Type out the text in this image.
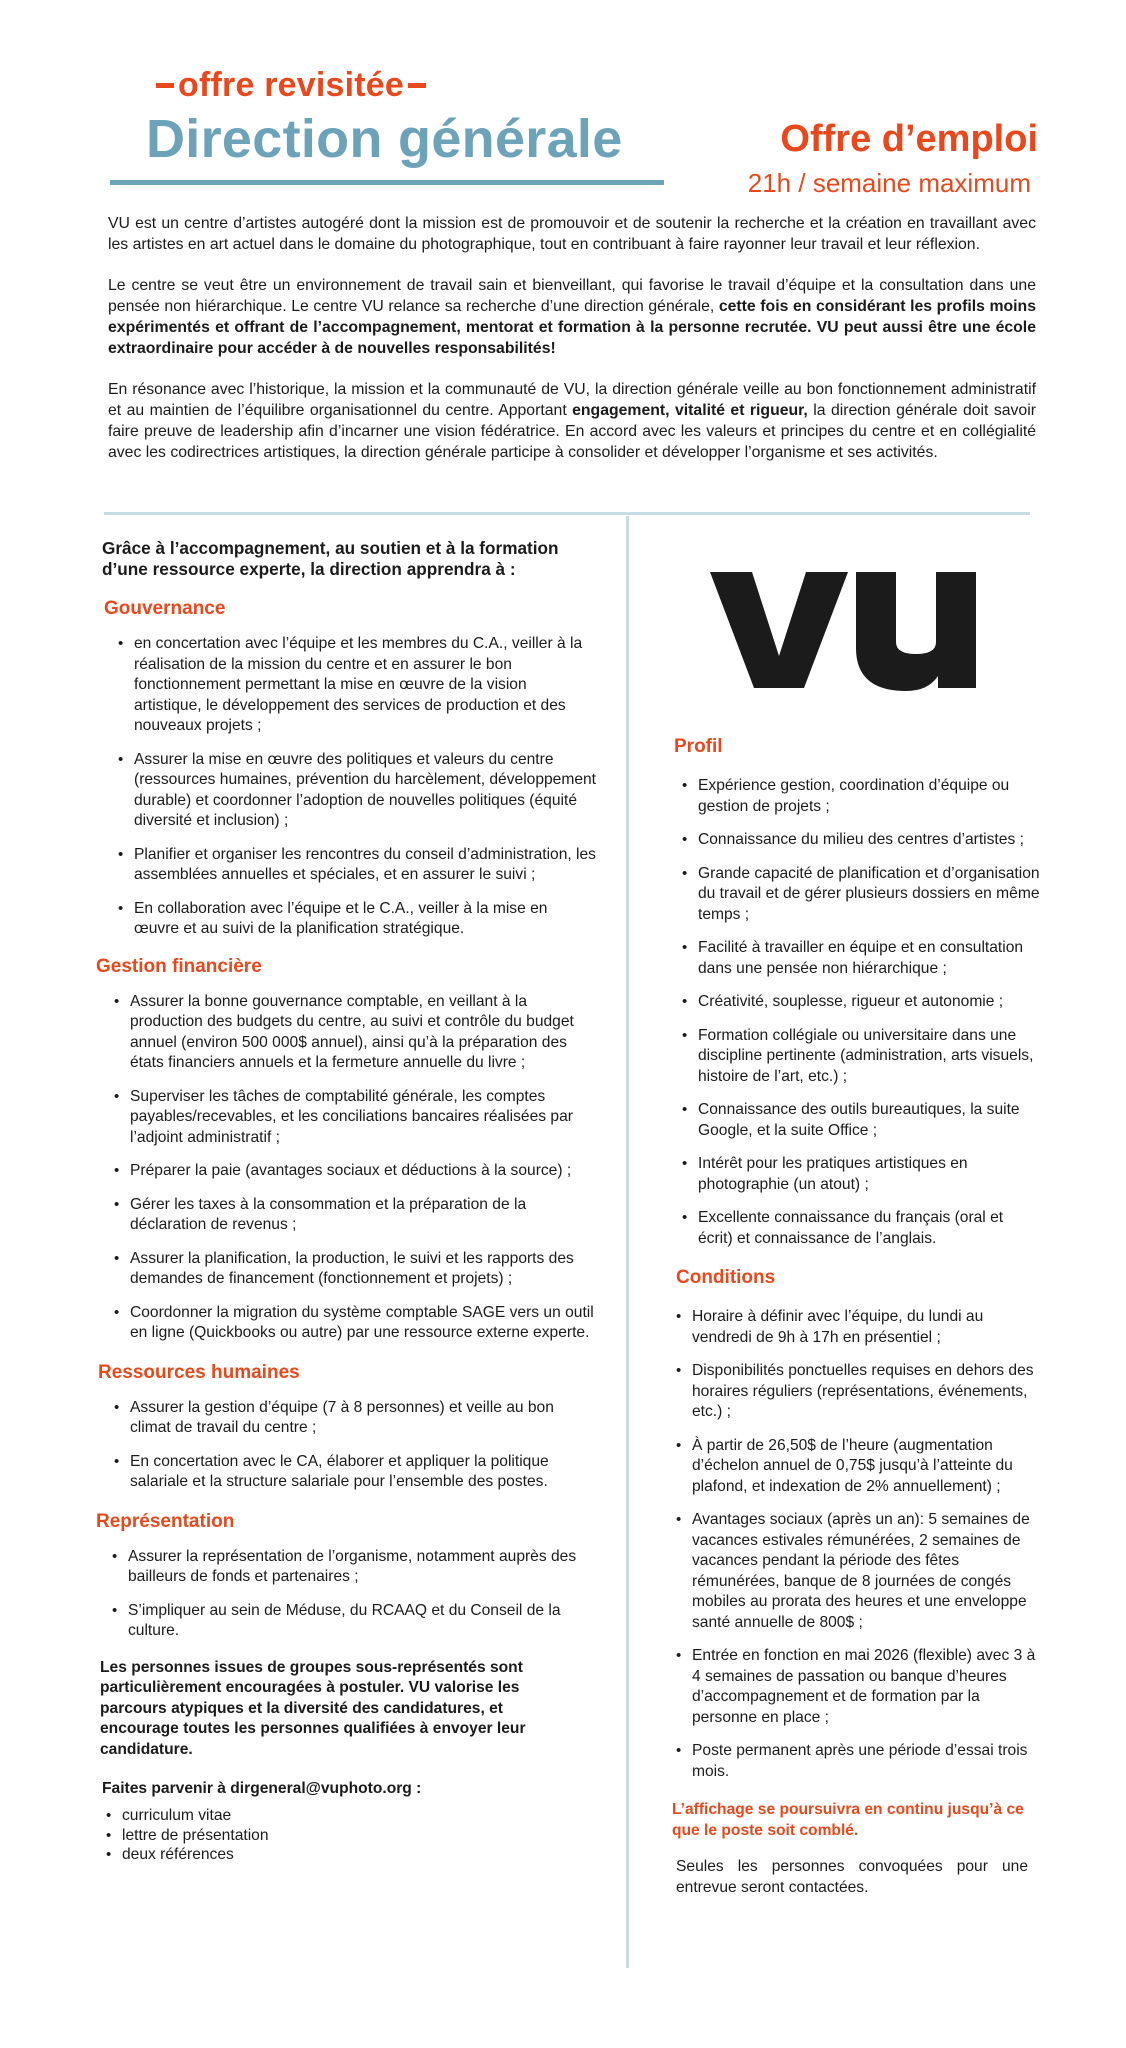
offre revisitée
Direction générale	Offre d’emploi
21h / semaine maximum

VU est un centre d’artistes autogéré dont la mission est de promouvoir et de soutenir la recherche et la création en travaillant avec les artistes en art actuel dans le domaine du photographique, tout en contribuant à faire rayonner leur travail et leur réflexion.

Le centre se veut être un environnement de travail sain et bienveillant, qui favorise le travail d’équipe et la consultation dans une pensée non hiérarchique. Le centre VU relance sa recherche d’une direction générale, cette fois en considérant les profils moins expérimentés et offrant de l’accompagnement, mentorat et formation à la personne recrutée. VU peut aussi être une école extraordinaire pour accéder à de nouvelles responsabilités!

En résonance avec l’historique, la mission et la communauté de VU, la direction générale veille au bon fonctionnement administratif et au maintien de l’équilibre organisationnel du centre. Apportant engagement, vitalité et rigueur, la direction générale doit savoir faire preuve de leadership afin d’incarner une vision fédératrice. En accord avec les valeurs et principes du centre et en collégialité avec les codirectrices artistiques, la direction générale participe à consolider et développer l’organisme et ses activités.

Grâce à l’accompagnement, au soutien et à la formation d’une ressource experte, la direction apprendra à :
Gouvernance
• en concertation avec l’équipe et les membres du C.A., veiller à la réalisation de la mission du centre et en assurer le bon fonctionnement permettant la mise en œuvre de la vision artistique, le développement des services de production et des nouveaux projets ;
• Assurer la mise en œuvre des politiques et valeurs du centre (ressources humaines, prévention du harcèlement, développement durable) et coordonner l’adoption de nouvelles politiques (équité diversité et inclusion) ;
• Planifier et organiser les rencontres du conseil d’administration, les assemblées annuelles et spéciales, et en assurer le suivi ;
• En collaboration avec l’équipe et le C.A., veiller à la mise en œuvre et au suivi de la planification stratégique.
Gestion financière
• Assurer la bonne gouvernance comptable, en veillant à la production des budgets du centre, au suivi et contrôle du budget annuel (environ 500 000$ annuel), ainsi qu’à la préparation des états financiers annuels et la fermeture annuelle du livre ;
• Superviser les tâches de comptabilité générale, les comptes payables/recevables, et les conciliations bancaires réalisées par l’adjoint administratif ;
• Préparer la paie (avantages sociaux et déductions à la source) ;
• Gérer les taxes à la consommation et la préparation de la déclaration de revenus ;
• Assurer la planification, la production, le suivi et les rapports des demandes de financement (fonctionnement et projets) ;
• Coordonner la migration du système comptable SAGE vers un outil en ligne (Quickbooks ou autre) par une ressource externe experte.
Ressources humaines
• Assurer la gestion d’équipe (7 à 8 personnes) et veille au bon climat de travail du centre ;
• En concertation avec le CA, élaborer et appliquer la politique salariale et la structure salariale pour l’ensemble des postes.
Représentation
• Assurer la représentation de l’organisme, notamment auprès des bailleurs de fonds et partenaires ;
• S’impliquer au sein de Méduse, du RCAAQ et du Conseil de la culture.
Les personnes issues de groupes sous-représentés sont particulièrement encouragées à postuler. VU valorise les parcours atypiques et la diversité des candidatures, et encourage toutes les personnes qualifiées à envoyer leur candidature.
Faites parvenir à dirgeneral@vuphoto.org :
• curriculum vitae
• lettre de présentation
• deux références
Profil
• Expérience gestion, coordination d’équipe ou gestion de projets ;
• Connaissance du milieu des centres d’artistes ;
• Grande capacité de planification et d’organisation du travail et de gérer plusieurs dossiers en même temps ;
• Facilité à travailler en équipe et en consultation dans une pensée non hiérarchique ;
• Créativité, souplesse, rigueur et autonomie ;
• Formation collégiale ou universitaire dans une discipline pertinente (administration, arts visuels, histoire de l’art, etc.) ;
• Connaissance des outils bureautiques, la suite Google, et la suite Office ;
• Intérêt pour les pratiques artistiques en photographie (un atout) ;
• Excellente connaissance du français (oral et écrit) et connaissance de l’anglais.
Conditions
• Horaire à définir avec l’équipe, du lundi au vendredi de 9h à 17h en présentiel ;
• Disponibilités ponctuelles requises en dehors des horaires réguliers (représentations, événements, etc.) ;
• À partir de 26,50$ de l’heure (augmentation d’échelon annuel de 0,75$ jusqu’à l’atteinte du plafond, et indexation de 2% annuellement) ;
• Avantages sociaux (après un an): 5 semaines de vacances estivales rémunérées, 2 semaines de vacances pendant la période des fêtes rémunérées, banque de 8 journées de congés mobiles au prorata des heures et une enveloppe santé annuelle de 800$ ;
• Entrée en fonction en mai 2026 (flexible) avec 3 à 4 semaines de passation ou banque d’heures d’accompagnement et de formation par la personne en place ;
• Poste permanent après une période d’essai trois mois.
L’affichage se poursuivra en continu jusqu’à ce que le poste soit comblé.
Seules les personnes convoquées pour une entrevue seront contactées.
